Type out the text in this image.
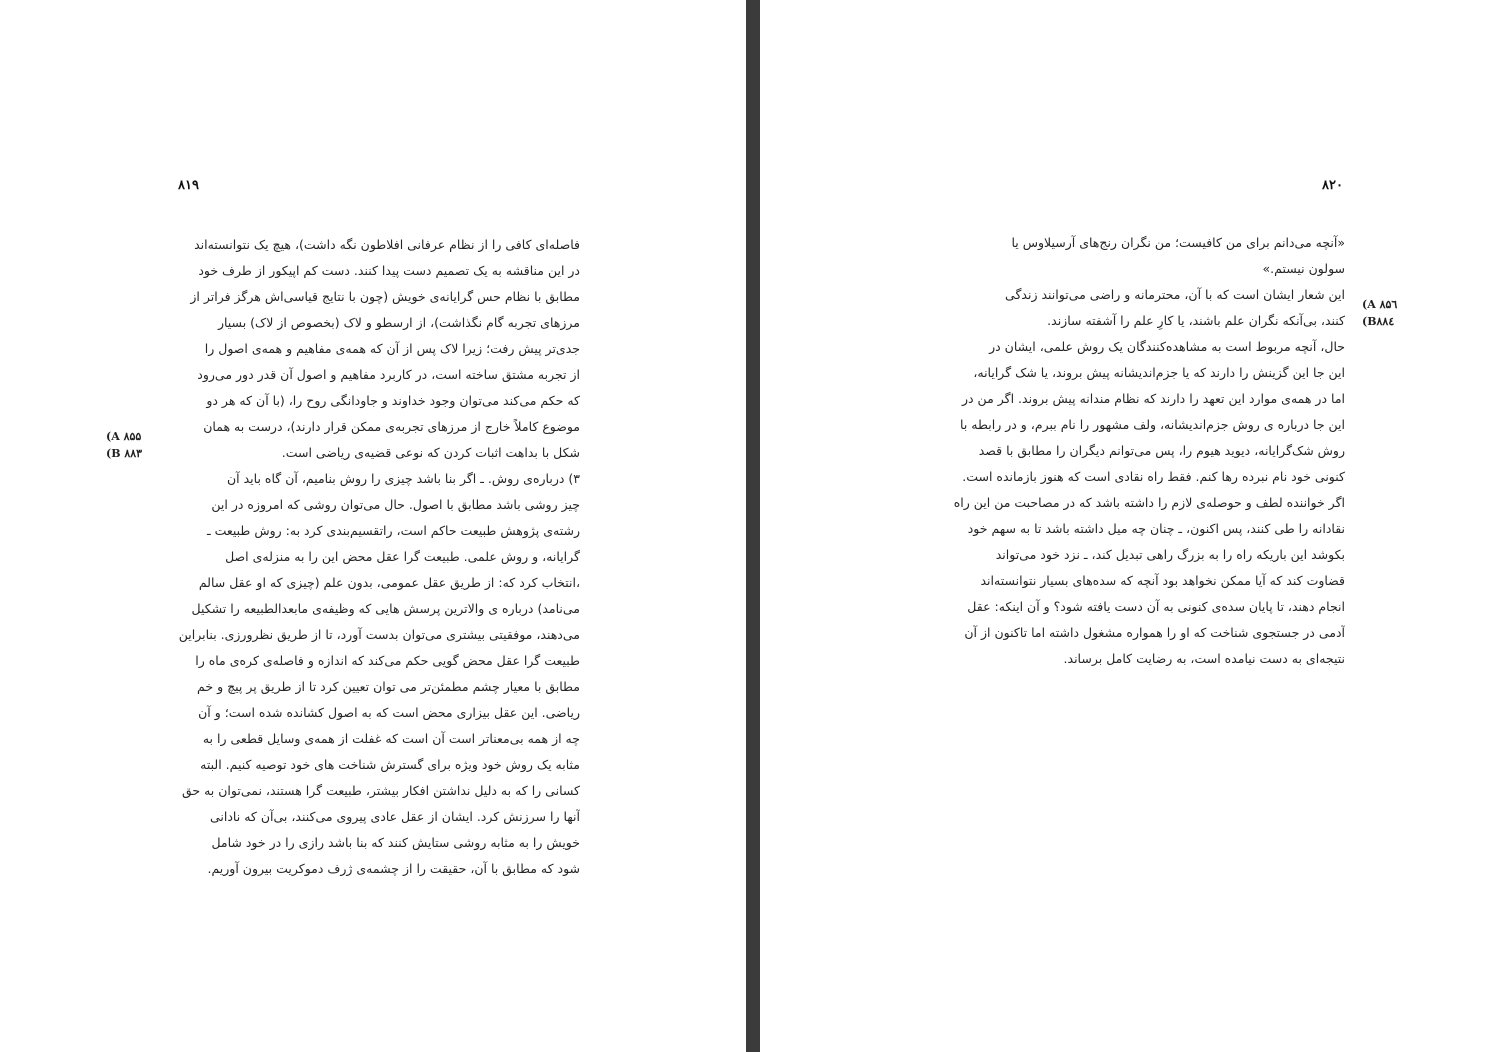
۸۱۹
(A ۸۵۵
(B ۸۸۳
فاصله‌ای کافی را از نظام عرفانی افلاطون نگه داشت)، هیچ یک نتوانسته‌اند
در این مناقشه به یک تصمیم دست پیدا کنند. دست کم اپیکور از طرف خود
مطابق با نظام حس گرایانه‌ی خویش (چون با نتایج قیاسی‌اش هرگز فراتر از
مرزهای تجربه گام نگذاشت)، از ارسطو و لاک (بخصوص از لاک) بسیار
جدی‌تر پیش رفت؛ زیرا لاک پس از آن که همه‌ی مفاهیم و همه‌ی اصول را
از تجربه مشتق ساخته است، در کاربرد مفاهیم و اصول آن قدر دور می‌رود
که حکم می‌کند می‌توان وجود خداوند و جاودانگی روح را، (با آن که هر دو
موضوع کاملاً خارج از مرزهای تجربه‌ی ممکن قرار دارند)، درست به همان
شکل با بداهت اثبات کردن که نوعی قضیه‌ی ریاضی است.
۳) درباره‌ی روش. ـ اگر بنا باشد چیزی را روش بنامیم، آن گاه باید آن
چیز روشی باشد مطابق با اصول. حال می‌توان روشی که امروزه در این
رشته‌ی پژوهش طبیعت حاکم است، راتقسیم‌بندی کرد به: روش طبیعت ـ
گرایانه، و روش علمی. طبیعت گرا عقل محض این را به منزله‌ی اصل
،انتخاب کرد که: از طریق عقل عمومی، بدون علم (چیزی که او عقل سالم
می‌نامد) درباره ی والاترین پرسش هایی که وظیفه‌ی مابعدالطبیعه را تشکیل
می‌دهند، موفقیتی بیشتری می‌توان بدست آورد، تا از طریق نظرورزی. بنابراین
طبیعت گرا عقل محض گویی حکم می‌کند که اندازه و فاصله‌ی کره‌ی ماه را
مطابق با معیار چشم مطمئن‌تر می توان تعیین کرد تا از طریق پر پیچ و خم
ریاضی. این عقل بیزاری محض است که به اصول کشانده شده است؛ و آن
چه از همه بی‌معناتر است آن است که غفلت از همه‌ی وسایل قطعی را به
مثابه یک روش خود ویژه برای گسترش شناخت های خود توصیه کنیم. البته
کسانی را که به دلیل نداشتن افکار بیشتر، طبیعت گرا هستند، نمی‌توان به حق
آنها را سرزنش کرد. ایشان از عقل عادی پیروی می‌کنند، بی‌آن که نادانی
خویش را به مثابه روشی ستایش کنند که بنا باشد رازی را در خود شامل
شود که مطابق با آن، حقیقت را از چشمه‌ی ژرف دموکریت بیرون آوریم.
۸۲۰
(A ۸۵٦
(B۸۸٤
«آنچه می‌دانم برای من کافیست؛ من نگران رنج‌های آرسیلاوس یا
سولون نیستم.»
این شعار ایشان است که با آن، محترمانه و راضی می‌توانند زندگی
کنند، بی‌آنکه نگران علم باشند، یا کارِ علم را آشفته سازند.
حال، آنچه مربوط است به مشاهده‌کنندگان یک روش علمی، ایشان در
این جا این گزینش را دارند که یا جزم‌اندیشانه پیش بروند، یا شک گرایانه،
اما در همه‌ی موارد این تعهد را دارند که نظام مندانه پیش بروند. اگر من در
این جا درباره ی روش جزم‌اندیشانه، ولف مشهور را نام ببرم، و در رابطه با
روش شک‌گرایانه، دیوید هیوم را، پس می‌توانم دیگران را مطابق با قصد
کنونی خود نام نبرده رها کنم. فقط راه نقادی است که هنوز بازمانده است.
اگر خواننده لطف و حوصله‌ی لازم را داشته باشد که در مصاحبت من این راه
نقادانه را طی کنند، پس اکنون، ـ چنان چه میل داشته باشد تا به سهم خود
بکوشد این باریکه راه را به بزرگ راهی تبدیل کند، ـ نزد خود می‌تواند
قضاوت کند که آیا ممکن نخواهد بود آنچه که سده‌های بسیار نتوانسته‌اند
انجام دهند، تا پایان سده‌ی کنونی به آن دست یافته شود؟ و آن اینکه: عقل
آدمی در جستجوی شناخت که او را همواره مشغول داشته اما تاکنون از آن
نتیجه‌ای به دست نیامده است، به رضایت کامل برساند.
